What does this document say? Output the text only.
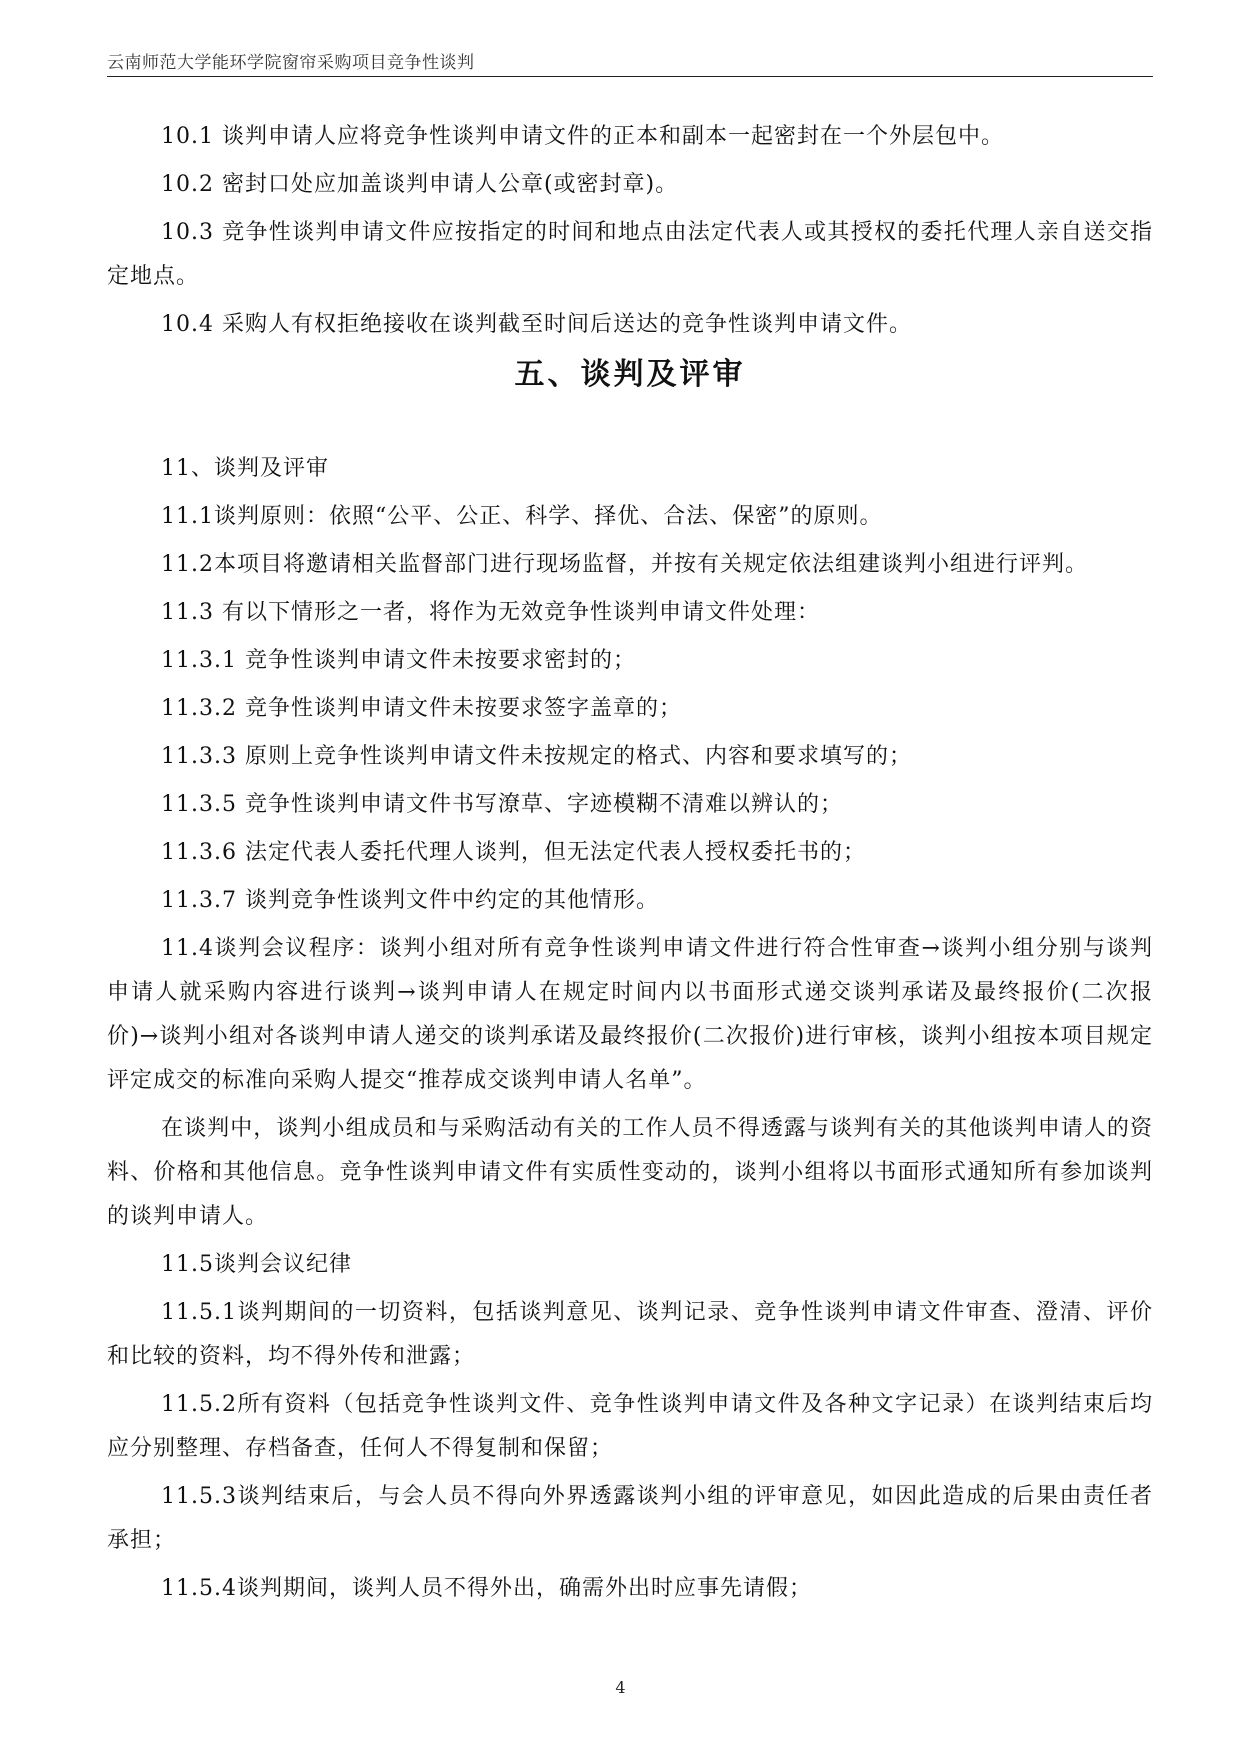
云南师范大学能环学院窗帘采购项目竞争性谈判

10.1 谈判申请人应将竞争性谈判申请文件的正本和副本一起密封在一个外层包中。

10.2 密封口处应加盖谈判申请人公章(或密封章)。

10.3 竞争性谈判申请文件应按指定的时间和地点由法定代表人或其授权的委托代理人亲自送交指定地点。

10.4 采购人有权拒绝接收在谈判截至时间后送达的竞争性谈判申请文件。

五、谈判及评审

11、谈判及评审

11.1谈判原则：依照“公平、公正、科学、择优、合法、保密”的原则。

11.2本项目将邀请相关监督部门进行现场监督，并按有关规定依法组建谈判小组进行评判。

11.3 有以下情形之一者，将作为无效竞争性谈判申请文件处理：

11.3.1 竞争性谈判申请文件未按要求密封的；

11.3.2 竞争性谈判申请文件未按要求签字盖章的；

11.3.3 原则上竞争性谈判申请文件未按规定的格式、内容和要求填写的；

11.3.5 竞争性谈判申请文件书写潦草、字迹模糊不清难以辨认的；

11.3.6 法定代表人委托代理人谈判，但无法定代表人授权委托书的；

11.3.7 谈判竞争性谈判文件中约定的其他情形。

11.4谈判会议程序：谈判小组对所有竞争性谈判申请文件进行符合性审查→谈判小组分别与谈判申请人就采购内容进行谈判→谈判申请人在规定时间内以书面形式递交谈判承诺及最终报价(二次报价)→谈判小组对各谈判申请人递交的谈判承诺及最终报价(二次报价)进行审核，谈判小组按本项目规定评定成交的标准向采购人提交“推荐成交谈判申请人名单”。

在谈判中，谈判小组成员和与采购活动有关的工作人员不得透露与谈判有关的其他谈判申请人的资料、价格和其他信息。竞争性谈判申请文件有实质性变动的，谈判小组将以书面形式通知所有参加谈判的谈判申请人。

11.5谈判会议纪律

11.5.1谈判期间的一切资料，包括谈判意见、谈判记录、竞争性谈判申请文件审查、澄清、评价和比较的资料，均不得外传和泄露；

11.5.2所有资料（包括竞争性谈判文件、竞争性谈判申请文件及各种文字记录）在谈判结束后均应分别整理、存档备查，任何人不得复制和保留；

11.5.3谈判结束后，与会人员不得向外界透露谈判小组的评审意见，如因此造成的后果由责任者承担；

11.5.4谈判期间，谈判人员不得外出，确需外出时应事先请假；

4
